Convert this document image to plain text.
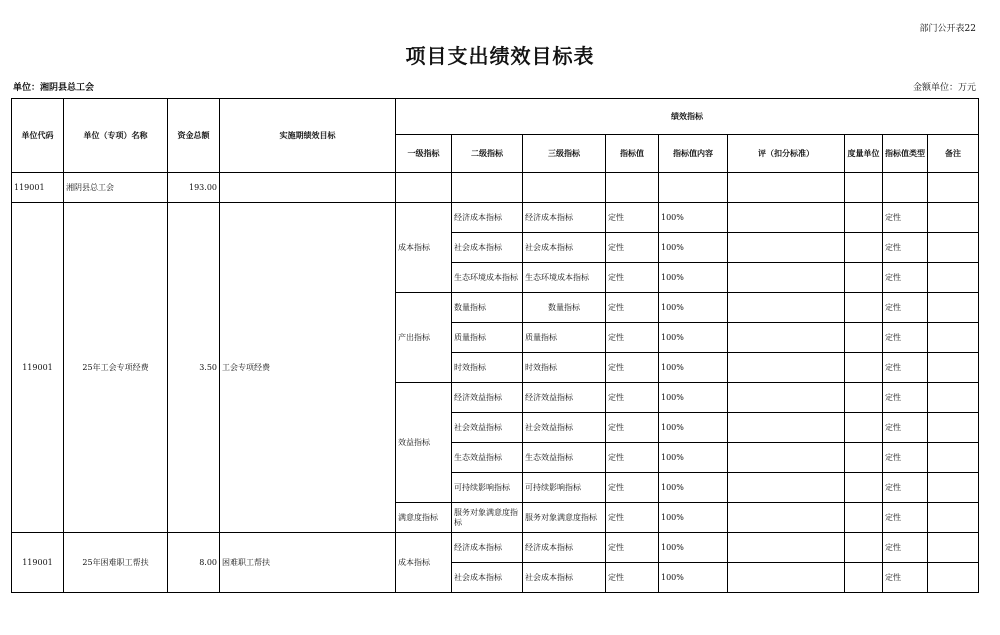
部门公开表22
项目支出绩效目标表
单位：湘阴县总工会	金额单位：万元
单位代码	单位（专项）名称	资金总额	实施期绩效目标	绩效指标								
				一级指标	二级指标	三级指标	指标值	指标值内容	评（扣分标准）	度量单位	指标值类型	备注
119001	湘阴县总工会	193.00										
119001	25年工会专项经费	3.50	工会专项经费	成本指标	经济成本指标	经济成本指标	定性	100%			定性	
					社会成本指标	社会成本指标	定性	100%			定性	
					生态环境成本指标	生态环境成本指标	定性	100%			定性	
				产出指标	数量指标	数量指标	定性	100%			定性	
					质量指标	质量指标	定性	100%			定性	
					时效指标	时效指标	定性	100%			定性	
				效益指标	经济效益指标	经济效益指标	定性	100%			定性	
					社会效益指标	社会效益指标	定性	100%			定性	
					生态效益指标	生态效益指标	定性	100%			定性	
					可持续影响指标	可持续影响指标	定性	100%			定性	
				满意度指标	服务对象满意度指标	服务对象满意度指标	定性	100%			定性	
119001	25年困难职工帮扶	8.00	困难职工帮扶	成本指标	经济成本指标	经济成本指标	定性	100%			定性	
					社会成本指标	社会成本指标	定性	100%			定性	
